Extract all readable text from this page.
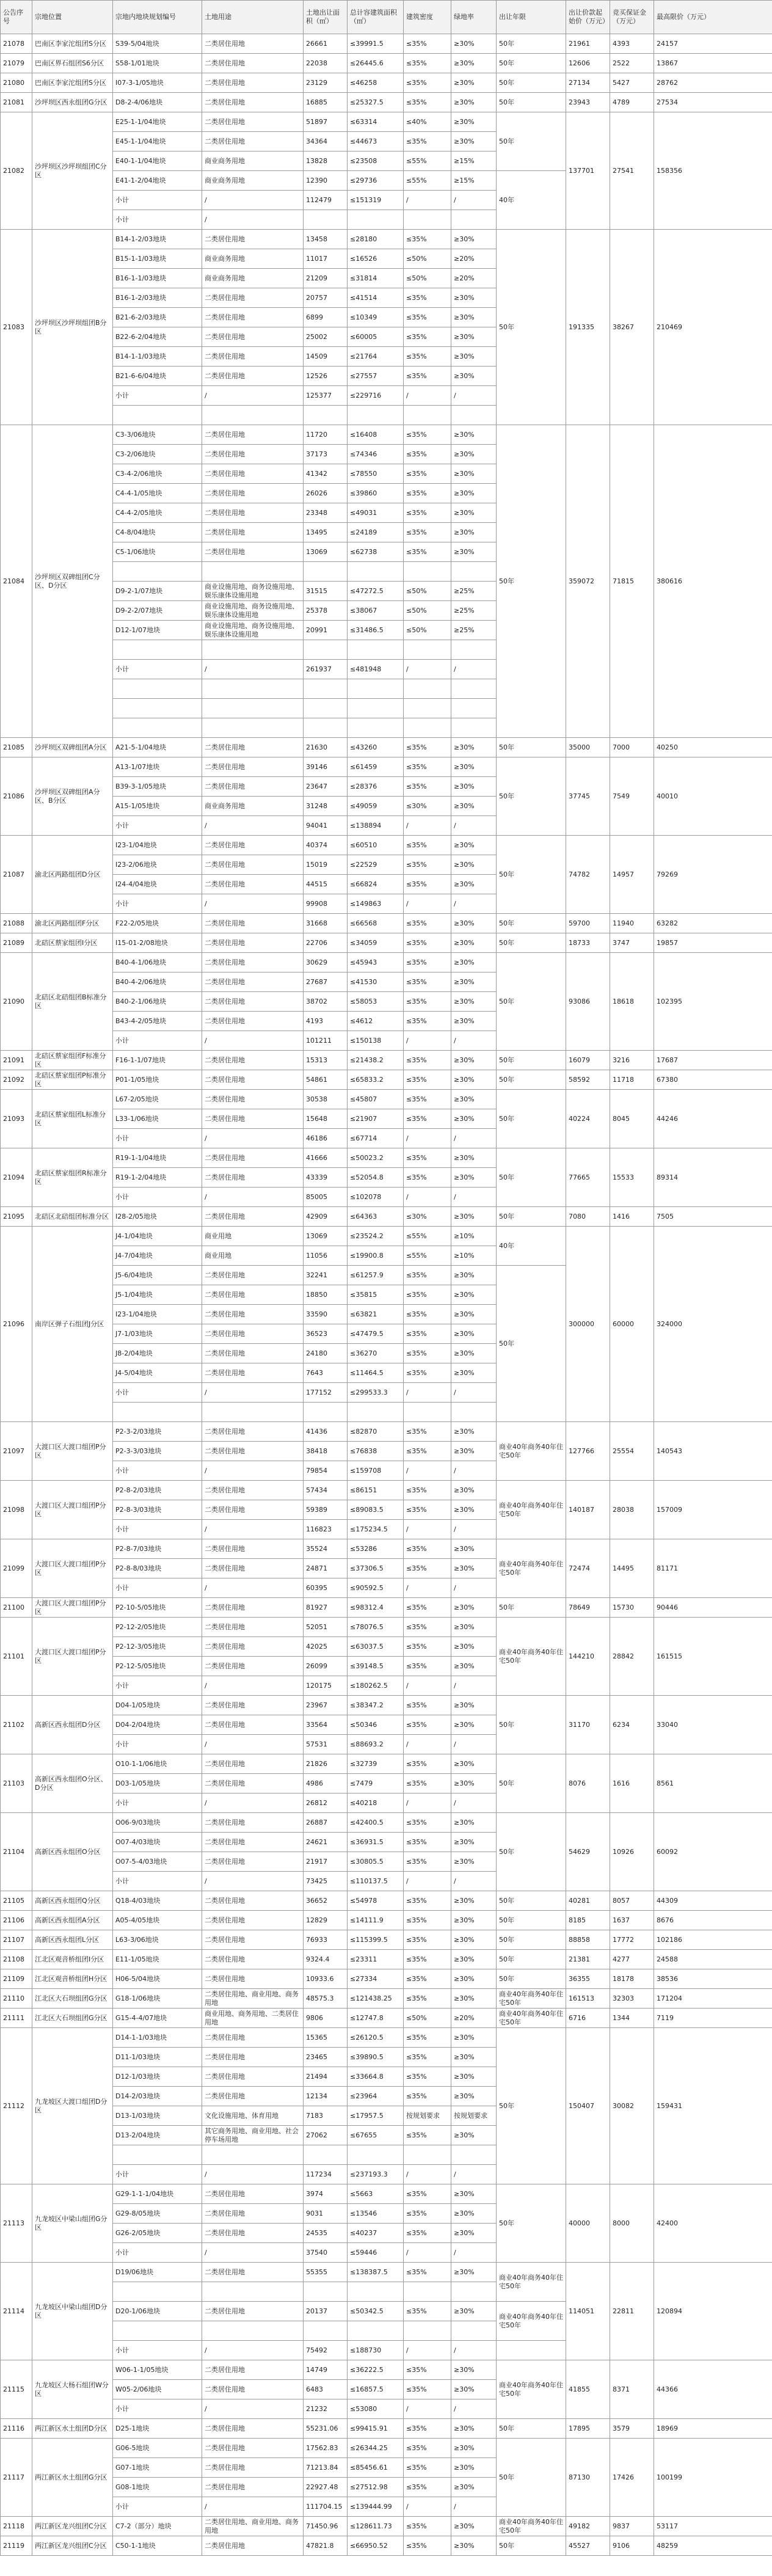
公告序号	宗地位置	宗地内地块规划编号	土地用途	土地出让面积（㎡）	总计容建筑面积（㎡）	建筑密度	绿地率	出让年限	出让价款起始价（万元）	竞买保证金（万元）	最高限价（万元）
21078	巴南区李家沱组团S分区	S39-5/04地块	二类居住用地	26661	≤39991.5	≤35%	≥30%	50年	21961	4393	24157
21079	巴南区界石组团S6分区	S58-1/01地块	二类居住用地	22038	≤26445.6	≤35%	≥30%	50年	12606	2522	13867
21080	巴南区李家沱组团S分区	I07-3-1/05地块	二类居住用地	23129	≤46258	≤35%	≥30%	50年	27134	5427	28762
21081	沙坪坝区西永组团G分区	D8-2-4/06地块	二类居住用地	16885	≤25327.5	≤35%	≥30%	50年	23943	4789	27534
21082	沙坪坝区沙坪坝组团C分区	E25-1-1/04地块	二类居住用地	51897	≤63314	≤40%	≥30%	50年	137701	27541	158356
		E45-1-1/04地块	二类居住用地	34364	≤44673	≤35%	≥30%				
		E40-1-1/04地块	商业商务用地	13828	≤23508	≤55%	≥15%				
		E41-1-2/04地块	商业商务用地	12390	≤29736	≤55%	≥15%	40年			
		小计	/	112479	≤151319	/	/				
		小计	/								
21083	沙坪坝区沙坪坝组团B分区	B14-1-2/03地块	二类居住用地	13458	≤28180	≤35%	≥30%	50年	191335	38267	210469
		B15-1-1/03地块	商业商务用地	11017	≤16526	≤50%	≥20%				
		B16-1-1/03地块	商业商务用地	21209	≤31814	≤50%	≥20%				
		B16-1-2/03地块	二类居住用地	20757	≤41514	≤35%	≥30%				
		B21-6-2/03地块	二类居住用地	6899	≤10349	≤35%	≥30%				
		B22-6-2/04地块	二类居住用地	25002	≤60005	≤35%	≥30%				
		B14-1-1/03地块	二类居住用地	14509	≤21764	≤35%	≥30%				
		B21-6-6/04地块	二类居住用地	12526	≤27557	≤35%	≥30%				
		小计	/	125377	≤229716	/	/				

21084	沙坪坝区双碑组团C分区、D分区	C3-3/06地块	二类居住用地	11720	≤16408	≤35%	≥30%	50年	359072	71815	380616
		C3-2/06地块	二类居住用地	37173	≤74346	≤35%	≥30%				
		C3-4-2/06地块	二类居住用地	41342	≤78550	≤35%	≥30%				
		C4-4-1/05地块	二类居住用地	26026	≤39860	≤35%	≥30%				
		C4-4-2/05地块	二类居住用地	23348	≤49031	≤35%	≥30%				
		C4-8/04地块	二类居住用地	13495	≤24189	≤35%	≥30%				
		C5-1/06地块	二类居住用地	13069	≤62738	≤35%	≥30%				

		D9-2-1/07地块	商业设施用地、商务设施用地、娱乐康体设施用地	31515	≤47272.5	≤50%	≥25%				
		D9-2-2/07地块	商业设施用地、商务设施用地、娱乐康体设施用地	25378	≤38067	≤50%	≥25%				
		D12-1/07地块	商业设施用地、商务设施用地、娱乐康体设施用地	20991	≤31486.5	≤50%	≥25%				

		小计	/	261937	≤481948	/	/				

21085	沙坪坝区双碑组团A分区	A21-5-1/04地块	二类居住用地	21630	≤43260	≤35%	≥30%	50年	35000	7000	40250
21086	沙坪坝区双碑组团A分区、B分区	A13-1/07地块	二类居住用地	39146	≤61459	≤35%	≥30%	50年	37745	7549	40010
		B39-3-1/05地块	二类居住用地	23647	≤28376	≤35%	≥30%				
		A15-1/05地块	商业商务用地	31248	≤49059	≤30%	≥30%				
		小计	/	94041	≤138894	/	/				
21087	渝北区两路组团D分区	I23-1/04地块	二类居住用地	40374	≤60510	≤35%	≥30%	50年	74782	14957	79269
		I23-2/06地块	二类居住用地	15019	≤22529	≤35%	≥30%				
		I24-4/04地块	二类居住用地	44515	≤66824	≤35%	≥30%				
		小计	/	99908	≤149863	/	/				
21088	渝北区两路组团F分区	F22-2/05地块	二类居住用地	31668	≤66568	≤35%	≥30%	50年	59700	11940	63282
21089	北碚区蔡家组团I分区	I15-01-2/08地块	二类居住用地	22706	≤34059	≤35%	≥30%	50年	18733	3747	19857
21090	北碚区北碚组团B标准分区	B40-4-1/06地块	二类居住用地	30629	≤45943	≤35%	≥30%	50年	93086	18618	102395
		B40-4-2/06地块	二类居住用地	27687	≤41530	≤35%	≥30%				
		B40-2-1/06地块	二类居住用地	38702	≤58053	≤35%	≥30%				
		B43-4-2/05地块	二类居住用地	4193	≤4612	≤35%	≥30%				
		小计	/	101211	≤150138	/	/				
21091	北碚区蔡家组团F标准分区	F16-1-1/07地块	二类居住用地	15313	≤21438.2	≤35%	≥30%	50年	16079	3216	17687
21092	北碚区蔡家组团P标准分区	P01-1/05地块	二类居住用地	54861	≤65833.2	≤35%	≥30%	50年	58592	11718	67380
21093	北碚区蔡家组团L标准分区	L67-2/05地块	二类居住用地	30538	≤45807	≤35%	≥30%	50年	40224	8045	44246
		L33-1/06地块	二类居住用地	15648	≤21907	≤35%	≥30%				
		小计	/	46186	≤67714	/	/				
21094	北碚区蔡家组团R标准分区	R19-1-1/04地块	二类居住用地	41666	≤50023.2	≤35%	≥30%	50年	77665	15533	89314
		R19-1-2/04地块	二类居住用地	43339	≤52054.8	≤35%	≥30%				
		小计	/	85005	≤102078	/	/				
21095	北碚区北碚组团标准分区	I28-2/05地块	二类居住用地	42909	≤64363	≤30%	≥30%	50年	7080	1416	7505
21096	南岸区弹子石组团J分区	J4-1/04地块	商业用地	13069	≤23524.2	≤55%	≥10%	40年	300000	60000	324000
		J4-7/04地块	商业用地	11056	≤19900.8	≤55%	≥10%				
		J5-6/04地块	二类居住用地	32241	≤61257.9	≤35%	≥30%	50年			
		J5-1/04地块	二类居住用地	18850	≤35815	≤35%	≥30%				
		I23-1/04地块	二类居住用地	33590	≤63821	≤35%	≥30%				
		J7-1/03地块	二类居住用地	36523	≤47479.5	≤35%	≥30%				
		J8-2/04地块	二类居住用地	24180	≤36270	≤35%	≥30%				
		J4-5/04地块	二类居住用地	7643	≤11464.5	≤35%	≥30%				
		小计	/	177152	≤299533.3	/	/				

21097	大渡口区大渡口组团P分区	P2-3-2/03地块	二类居住用地	41436	≤82870	≤35%	≥30%	商业40年商务40年住宅50年	127766	25554	140543
		P2-3-3/03地块	二类居住用地	38418	≤76838	≤35%	≥30%				
		小计	/	79854	≤159708	/	/				
21098	大渡口区大渡口组团P分区	P2-8-2/03地块	二类居住用地	57434	≤86151	≤35%	≥30%	商业40年商务40年住宅50年	140187	28038	157009
		P2-8-3/03地块	二类居住用地	59389	≤89083.5	≤35%	≥30%				
		小计	/	116823	≤175234.5	/	/				
21099	大渡口区大渡口组团P分区	P2-8-7/03地块	二类居住用地	35524	≤53286	≤35%	≥30%	商业40年商务40年住宅50年	72474	14495	81171
		P2-8-8/03地块	二类居住用地	24871	≤37306.5	≤35%	≥30%				
		小计	/	60395	≤90592.5	/	/				
21100	大渡口区大渡口组团P分区	P2-10-5/05地块	二类居住用地	81927	≤98312.4	≤35%	≥30%	50年	78649	15730	90446
21101	大渡口区大渡口组团P分区	P2-12-2/05地块	二类居住用地	52051	≤78076.5	≤35%	≥30%	商业40年商务40年住宅50年	144210	28842	161515
		P2-12-3/05地块	二类居住用地	42025	≤63037.5	≤35%	≥30%				
		P2-12-5/05地块	二类居住用地	26099	≤39148.5	≤35%	≥30%				
		小计	/	120175	≤180262.5	/	/				
21102	高新区西永组团D分区	D04-1/05地块	二类居住用地	23967	≤38347.2	≤35%	≥30%	50年	31170	6234	33040
		D04-2/04地块	二类居住用地	33564	≤50346	≤35%	≥30%				
		小计	/	57531	≤88693.2	/	/				
21103	高新区西永组团O分区、D分区	O10-1-1/06地块	二类居住用地	21826	≤32739	≤35%	≥30%	50年	8076	1616	8561
		D03-1/05地块	二类居住用地	4986	≤7479	≤35%	≥30%				
		小计	/	26812	≤40218	/	/				
21104	高新区西永组团O分区	O06-9/03地块	二类居住用地	26887	≤42400.5	≤35%	≥30%	50年	54629	10926	60092
		O07-4/03地块	二类居住用地	24621	≤36931.5	≤35%	≥30%				
		O07-5-4/03地块	二类居住用地	21917	≤30805.5	≤35%	≥30%				
		小计	/	73425	≤110137.5	/	/				
21105	高新区西永组团Q分区	Q18-4/03地块	二类居住用地	36652	≤54978	≤35%	≥30%	50年	40281	8057	44309
21106	高新区西永组团A分区	A05-4/05地块	二类居住用地	12829	≤14111.9	≤35%	≥30%	50年	8185	1637	8676
21107	高新区西永组团L分区	L63-3/06地块	二类居住用地	76933	≤115399.5	≤35%	≥30%	50年	88858	17772	102186
21108	江北区观音桥组团I分区	E11-1/05地块	二类居住用地	9324.4	≤23311	≤35%	≥30%	50年	21381	4277	24588
21109	江北区观音桥组团H分区	H06-5/04地块	二类居住用地	10933.6	≤27334	≤35%	≥30%	50年	36355	18178	38536
21110	江北区大石坝组团G分区	G18-1/06地块	二类居住用地、商业用地、商务用地	48575.3	≤121438.25	≤35%	≥30%	商业40年商务40年住宅50年	161513	32303	171204
21111	江北区大石坝组团G分区	G15-4-4/07地块	商业用地、商务用地、二类居住用地	9806	≤12747.8	≤50%	≥20%	商业40年商务40年住宅50年	6716	1344	7119
21112	九龙坡区大渡口组团D分区	D14-1-1/03地块	二类居住用地	15365	≤26120.5	≤35%	≥30%	50年	150407	30082	159431
		D11-1/03地块	二类居住用地	23465	≤39890.5	≤35%	≥30%				
		D12-1/03地块	二类居住用地	21494	≤33664.8	≤35%	≥30%				
		D14-2/03地块	二类居住用地	12134	≤23964	≤35%	≥30%				
		D13-1/03地块	文化设施用地、体育用地	7183	≤17957.5	按规划要求	按规划要求				
		D13-2/04地块	其它商务用地、商业用地、社会停车场用地	27062	≤67655	≤35%	≥30%				

		小计	/	117234	≤237193.3	/	/				
21113	九龙坡区中梁山组团G分区	G29-1-1-1/04地块	二类居住用地	3974	≤5663	≤35%	≥30%	50年	40000	8000	42400
		G29-8/05地块	二类居住用地	9031	≤13546	≤35%	≥30%				
		G26-2/05地块	二类居住用地	24535	≤40237	≤35%	≥30%				
		小计	/	37540	≤59446	/	/				
21114	九龙坡区中梁山组团D分区	D19/06地块	二类居住用地	55355	≤138387.5	≤35%	≥30%	商业40年商务40年住宅50年	114051	22811	120894

		D20-1/06地块	二类居住用地	20137	≤50342.5	≤35%	≥30%	商业40年商务40年住宅50年			

		小计	/	75492	≤188730	/	/				
21115	九龙坡区大杨石组团W分区	W06-1-1/05地块	二类居住用地	14749	≤36222.5	≤35%	≥30%	商业40年商务40年住宅50年	41855	8371	44366
		W05-2/06地块	二类居住用地	6483	≤16857.5	≤35%	≥30%				
		小计	/	21232	≤53080	/	/				
21116	两江新区水土组团D分区	D25-1地块	二类居住用地	55231.06	≤99415.91	≤35%	≥30%	50年	17895	3579	18969
21117	两江新区水土组团G分区	G06-5地块	二类居住用地	17562.83	≤26344.25	≤35%	≥30%	50年	87130	17426	100199
		G07-1地块	二类居住用地	71213.84	≤85456.61	≤35%	≥30%				
		G08-1地块	二类居住用地	22927.48	≤27512.98	≤35%	≥30%				
		小计	/	111704.15	≤139444.99	/	/				
21118	两江新区龙兴组团C分区	C7-2（部分）地块	二类居住用地、商业用地、商务用地	71450.96	≤128611.73	≤35%	≥30%	商业40年商务40年住宅50年	49182	9837	53117
21119	两江新区龙兴组团C分区	C50-1-1地块	二类居住用地	47821.8	≤66950.52	≤35%	≥30%	50年	45527	9106	48259
